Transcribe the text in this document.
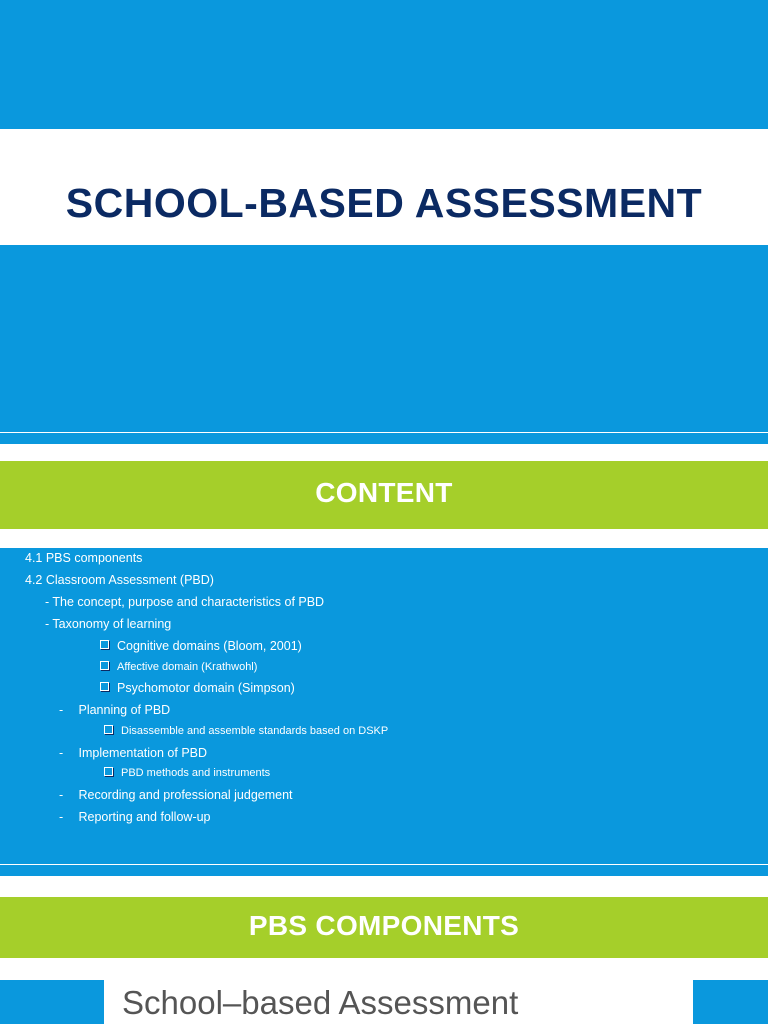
SCHOOL-BASED ASSESSMENT
CONTENT
4.1 PBS components
4.2 Classroom Assessment (PBD)
- The concept, purpose and characteristics of PBD
- Taxonomy of learning
Cognitive domains (Bloom, 2001)
Affective domain (Krathwohl)
Psychomotor domain (Simpson)
- Planning of PBD
Disassemble and assemble standards based on DSKP
- Implementation of PBD
PBD methods and instruments
- Recording and professional judgement
- Reporting and follow-up
PBS COMPONENTS

School–based Assessment
